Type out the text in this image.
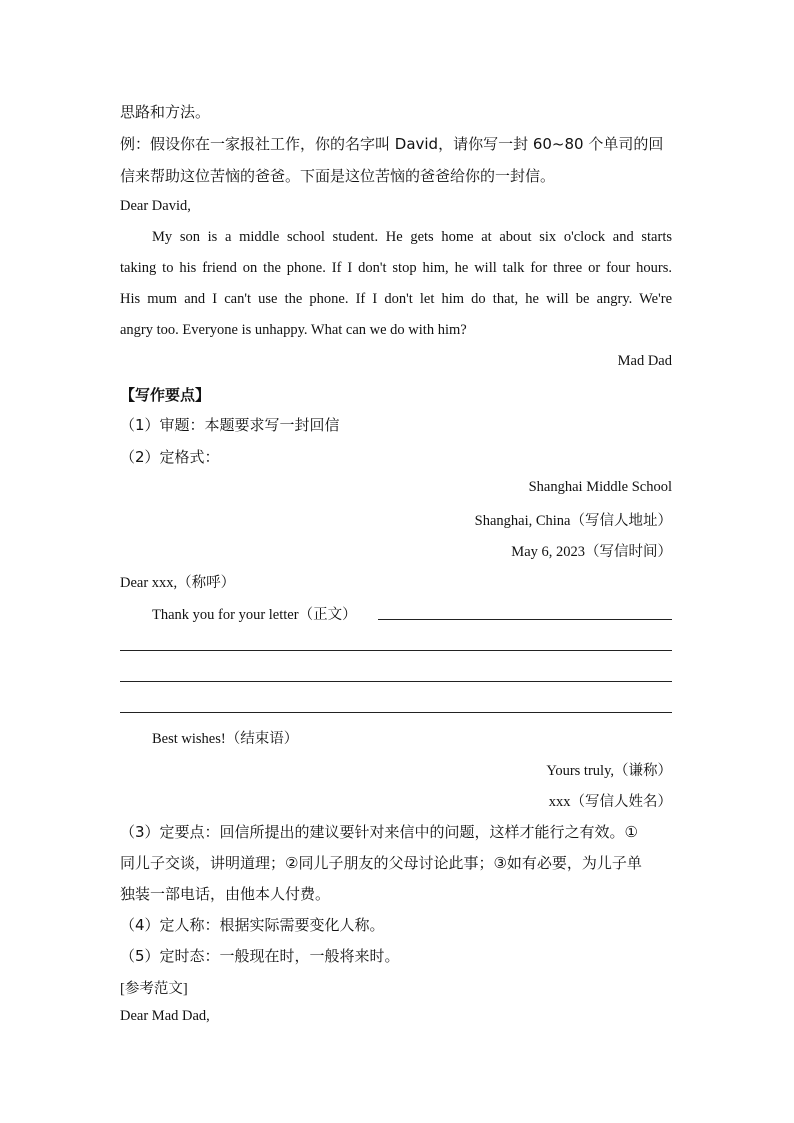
思路和方法。
例：假设你在一家报社工作，你的名字叫 David，请你写一封 60~80 个单司的回
信来帮助这位苦恼的爸爸。下面是这位苦恼的爸爸给你的一封信。
Dear David,
My son is a middle school student. He gets home at about six o'clock and starts
taking to his friend on the phone. If I don't stop him, he will talk for three or four hours.
His mum and I can't use the phone. If I don't let him do that, he will be angry. We're
angry too. Everyone is unhappy. What can we do with him?
Mad Dad
【写作要点】
（1）审题：本题要求写一封回信
（2）定格式：
Shanghai Middle School
Shanghai, China（写信人地址）
May 6, 2023（写信时间）
Dear xxx,（称呼）
Thank you for your letter（正文）
Best wishes!（结束语）
Yours truly,（谦称）
xxx（写信人姓名）
（3）定要点：回信所提出的建议要针对来信中的问题，这样才能行之有效。①
同儿子交谈，讲明道理；②同儿子朋友的父母讨论此事；③如有必要，为儿子单
独装一部电话，由他本人付费。
（4）定人称：根据实际需要变化人称。
（5）定时态：一般现在时，一般将来时。
[参考范文]
Dear Mad Dad,
